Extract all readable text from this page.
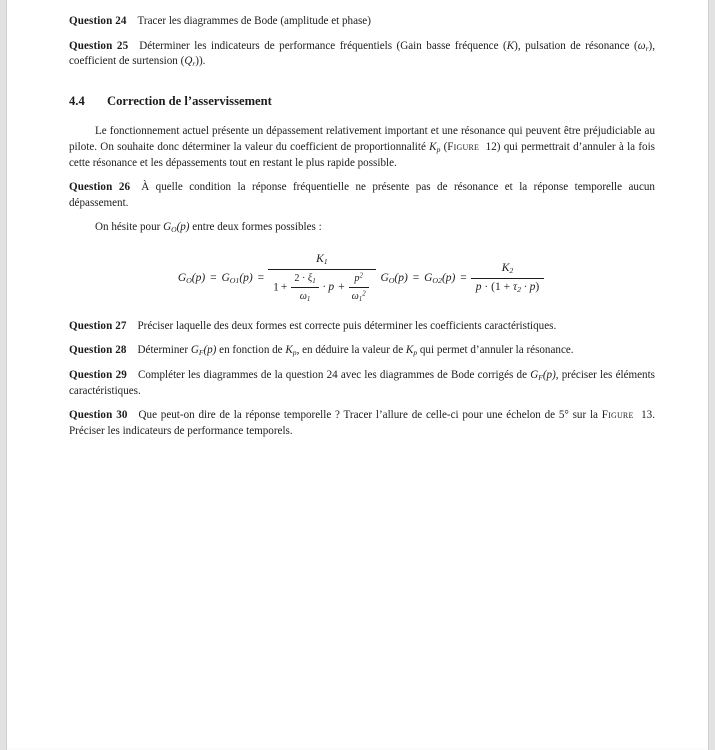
Question 24 Tracer les diagrammes de Bode (amplitude et phase)

Question 25 Déterminer les indicateurs de performance fréquentiels (Gain basse fréquence (K), pulsation de résonance $(\omega_r)$, coefficient de surtension $(Q_r)$).

4.4 Correction de l’asservissement

Le fonctionnement actuel présente un dépassement relativement important et une résonance qui peuvent être préjudiciable au pilote. On souhaite donc déterminer la valeur du coefficient de proportionnalité $K_p$ (Figure 12) qui permettrait d’annuler à la fois cette résonance et les dépassements tout en restant le plus rapide possible.

Question 26 À quelle condition la réponse fréquentielle ne présente pas de résonance et la réponse temporelle aucun dépassement.

On hésite pour $G_O(p)$ entre deux formes possibles :

$G_O(p) = G_{O1}(p)$ =
$K_1$
$1 + \frac{2 \cdot \xi_1}{\omega_1} \cdot p + \frac{p^2}{\omega_1^2} G_O(p) = G_{O2}(p) = \frac{K_2}{p \cdot (1 + \tau_2 \cdot p)}$

Question 27 Préciser laquelle des deux formes est correcte puis déterminer les coefficients caractéristiques.

Question 28 Déterminer $G_F(p)$ en fonction de $K_p$, en déduire la valeur de $K_p$ qui permet d’annuler la résonance.

Question 29 Compléter les diagrammes de la question 24 avec les diagrammes de Bode corrigés de $G_F(p)$, préciser les éléments caractéristiques.

Question 30 Que peut-on dire de la réponse temporelle ? Tracer l’allure de celle-ci pour une échelon de 5° sur la Figure 13. Préciser les indicateurs de performance temporels.
